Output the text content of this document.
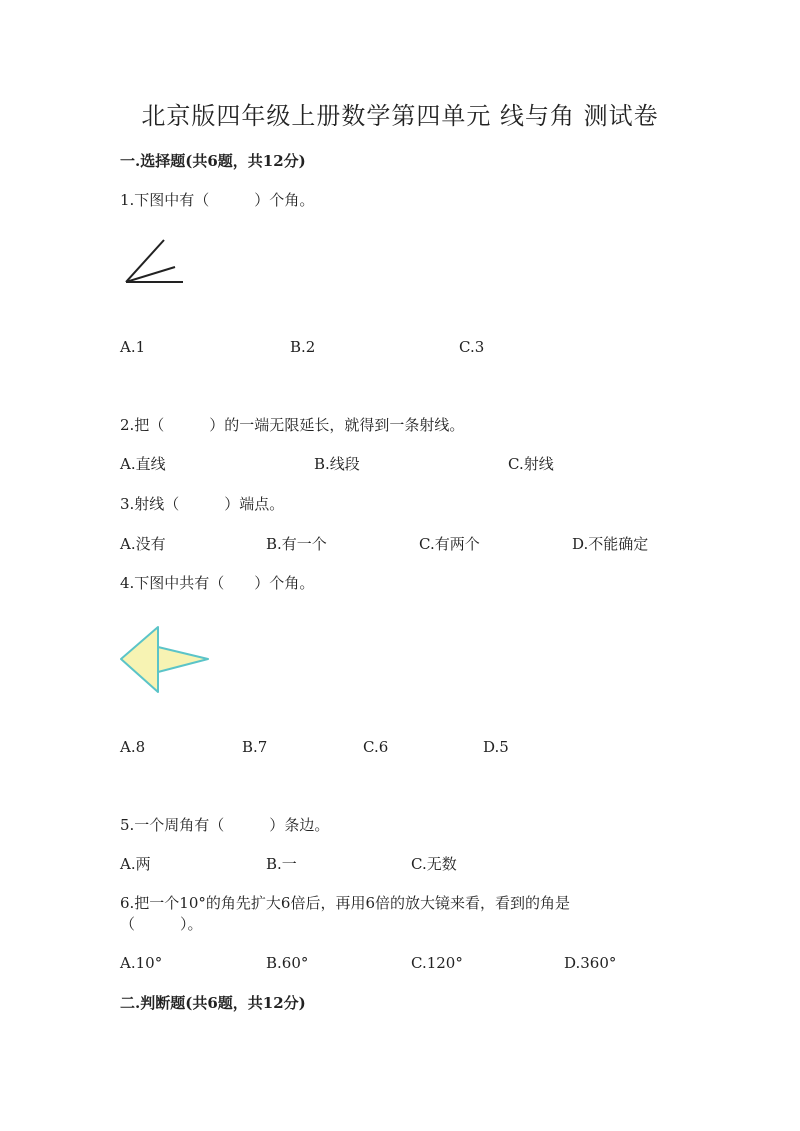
北京版四年级上册数学第四单元 线与角 测试卷
一.选择题(共6题，共12分)
1.下图中有（　　　）个角。
A.1	B.2	C.3
2.把（　　　）的一端无限延长，就得到一条射线。
A.直线	B.线段	C.射线
3.射线（　　　）端点。
A.没有	B.有一个	C.有两个	D.不能确定
4.下图中共有（　　）个角。
A.8	B.7	C.6	D.5
5.一个周角有（　　　）条边。
A.两	B.一	C.无数
6.把一个10°的角先扩大6倍后，再用6倍的放大镜来看，看到的角是
（　　　）。
A.10°	B.60°	C.120°	D.360°
二.判断题(共6题，共12分)
